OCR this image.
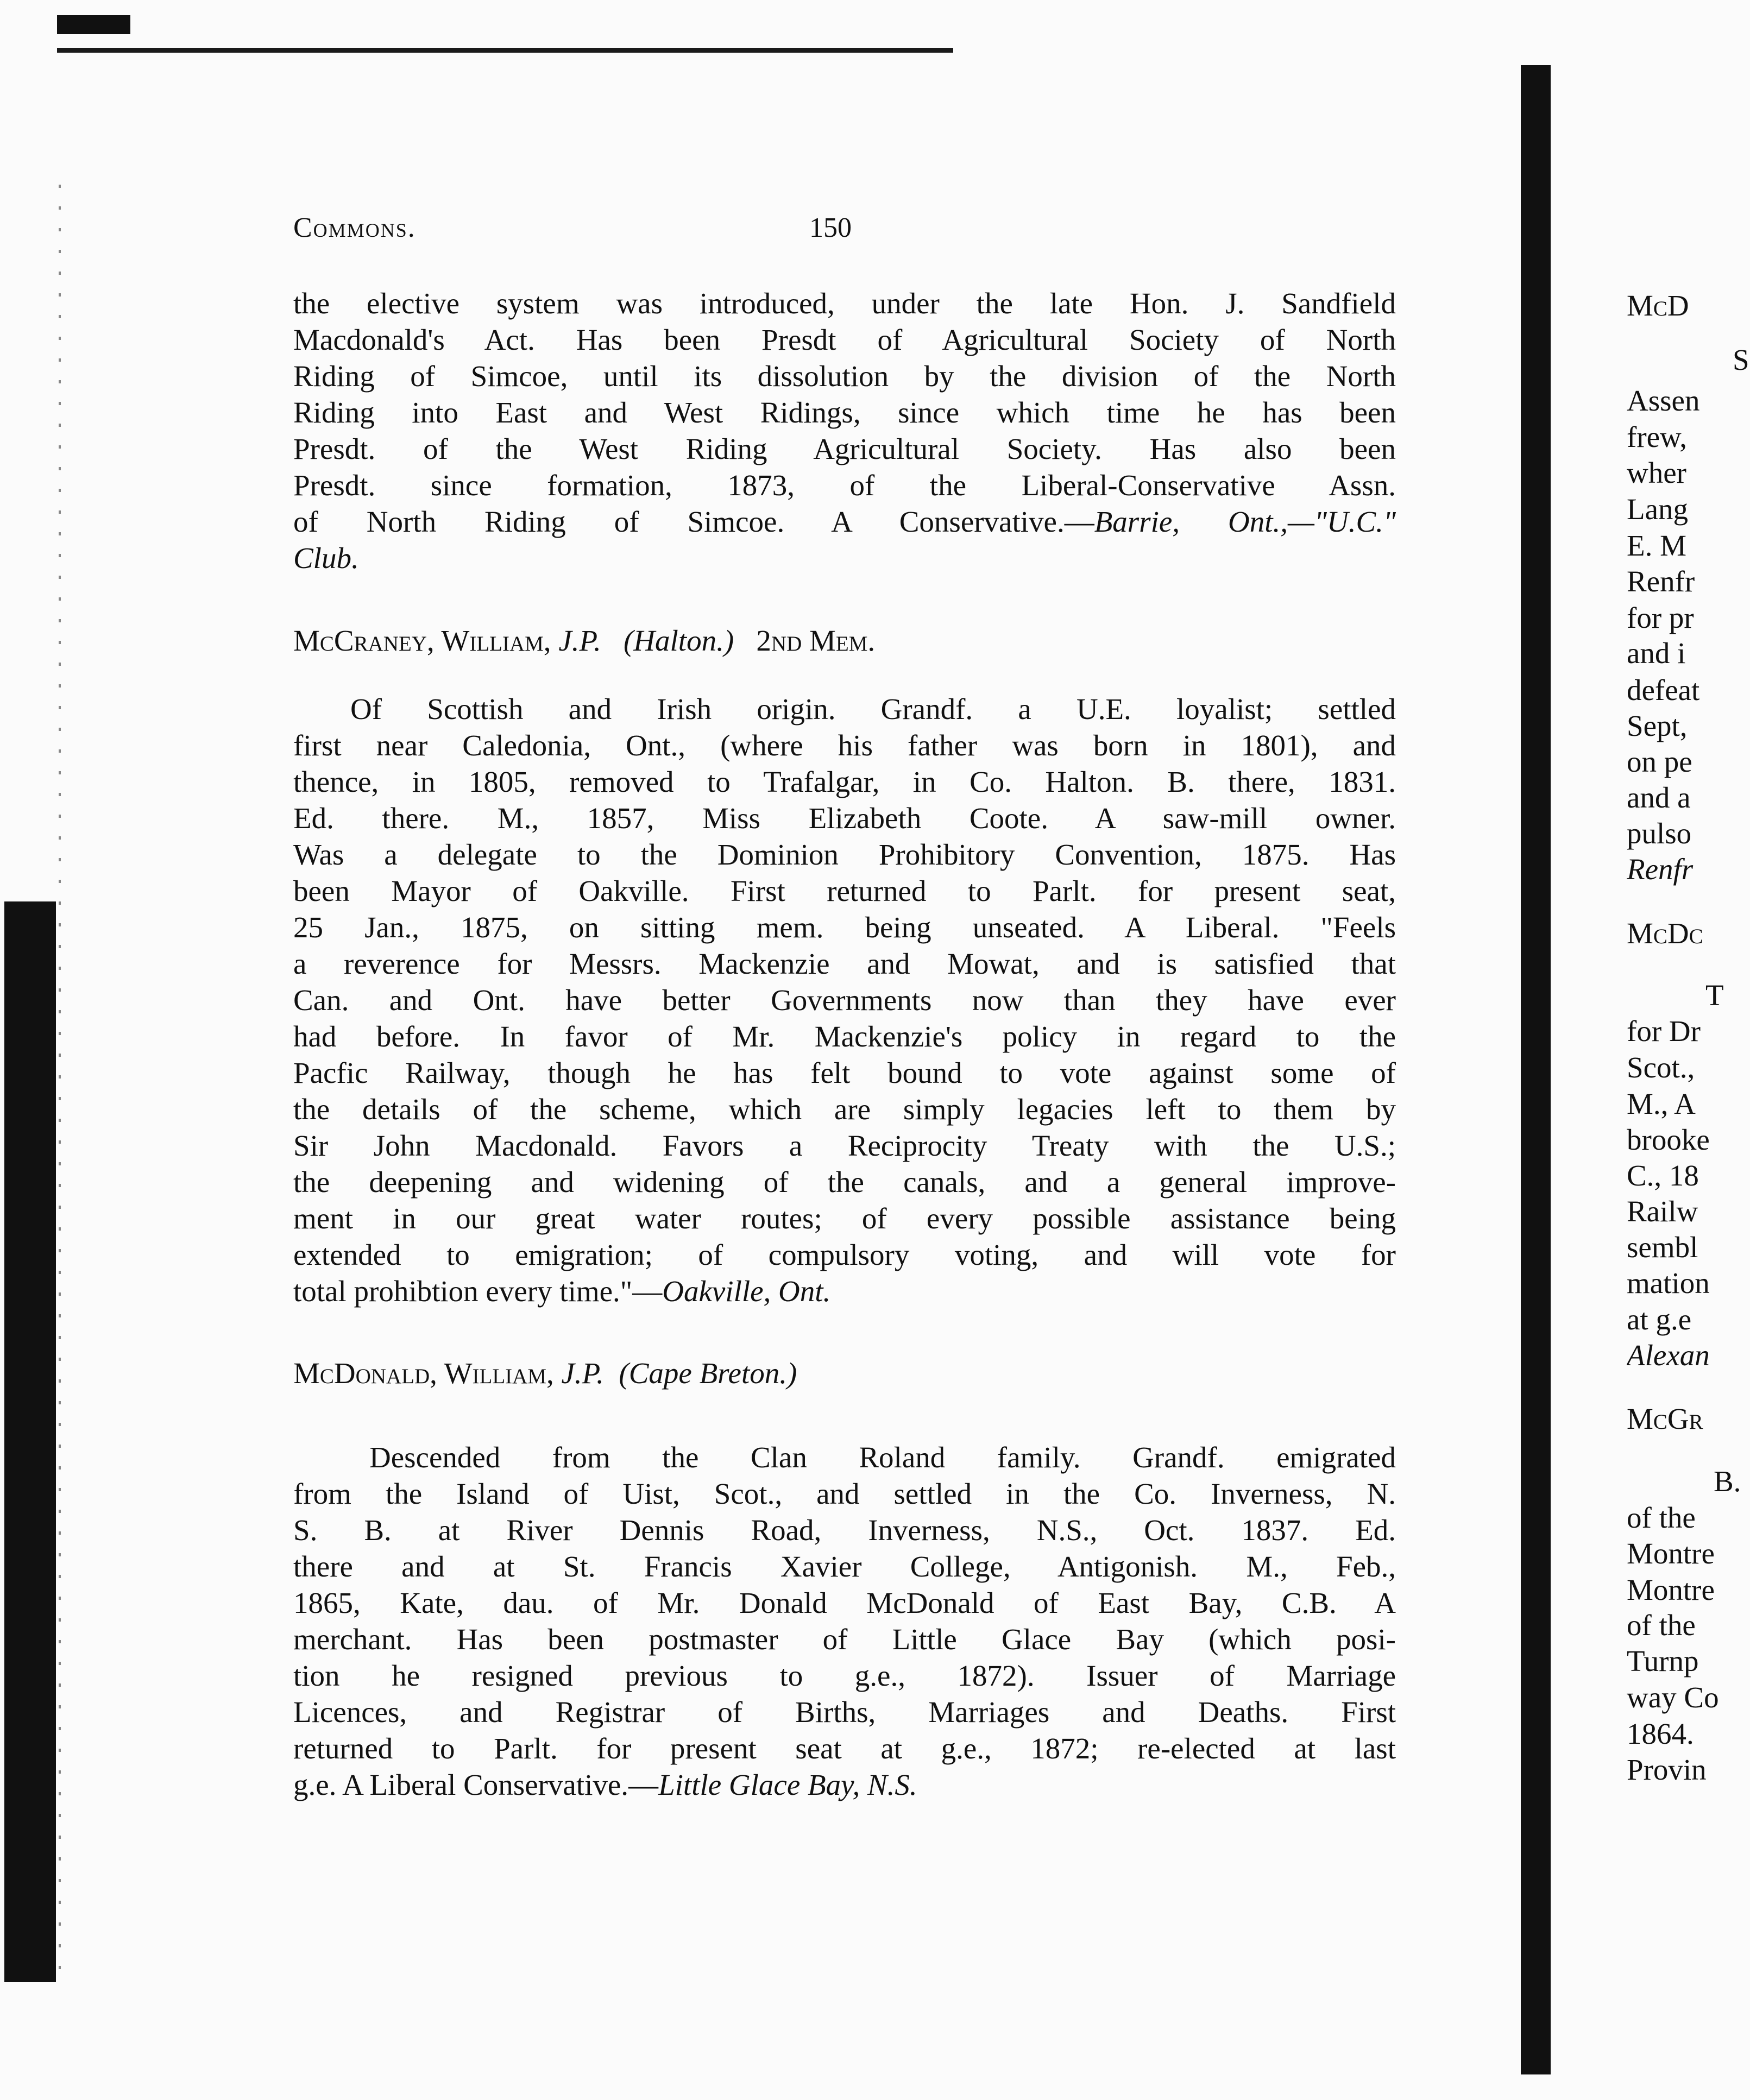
Commons.	150
the elective system was introduced, under the late Hon. J. Sandfield
Macdonald's Act. Has been Presdt of Agricultural Society of North
Riding of Simcoe, until its dissolution by the division of the North
Riding into East and West Ridings, since which time he has been
Presdt. of the West Riding Agricultural Society. Has also been
Presdt. since formation, 1873, of the Liberal-Conservative Assn.
of North Riding of Simcoe. A Conservative.—Barrie, Ont.,—"U.C."
Club.
McCraney, William, J.P. (Halton.) 2nd Mem.
Of Scottish and Irish origin. Grandf. a U.E. loyalist; settled
first near Caledonia, Ont., (where his father was born in 1801), and
thence, in 1805, removed to Trafalgar, in Co. Halton. B. there, 1831.
Ed. there. M., 1857, Miss Elizabeth Coote. A saw-mill owner.
Was a delegate to the Dominion Prohibitory Convention, 1875. Has
been Mayor of Oakville. First returned to Parlt. for present seat,
25 Jan., 1875, on sitting mem. being unseated. A Liberal. "Feels
a reverence for Messrs. Mackenzie and Mowat, and is satisfied that
Can. and Ont. have better Governments now than they have ever
had before. In favor of Mr. Mackenzie's policy in regard to the
Pacfic Railway, though he has felt bound to vote against some of
the details of the scheme, which are simply legacies left to them by
Sir John Macdonald. Favors a Reciprocity Treaty with the U.S.;
the deepening and widening of the canals, and a general improve-
ment in our great water routes; of every possible assistance being
extended to emigration; of compulsory voting, and will vote for
total prohibtion every time."—Oakville, Ont.
McDonald, William, J.P. (Cape Breton.)
Descended from the Clan Roland family. Grandf. emigrated
from the Island of Uist, Scot., and settled in the Co. Inverness, N.
S. B. at River Dennis Road, Inverness, N.S., Oct. 1837. Ed.
there and at St. Francis Xavier College, Antigonish. M., Feb.,
1865, Kate, dau. of Mr. Donald McDonald of East Bay, C.B. A
merchant. Has been postmaster of Little Glace Bay (which posi-
tion he resigned previous to g.e., 1872). Issuer of Marriage
Licences, and Registrar of Births, Marriages and Deaths. First
returned to Parlt. for present seat at g.e., 1872; re-elected at last
g.e. A Liberal Conservative.—Little Glace Bay, N.S.
McD
S
Assen
frew,
wher
Lang
E. M
Renfr
for pr
and i
defeat
Sept,
on pe
and a
pulso
Renfr
McDc
T
for Dr
Scot.,
M., A
brooke
C., 18
Railw
sembl
mation
at g.e
Alexan
McGr
B.
of the
Montre
Montre
of the
Turnp
way Co
1864.
Provin
